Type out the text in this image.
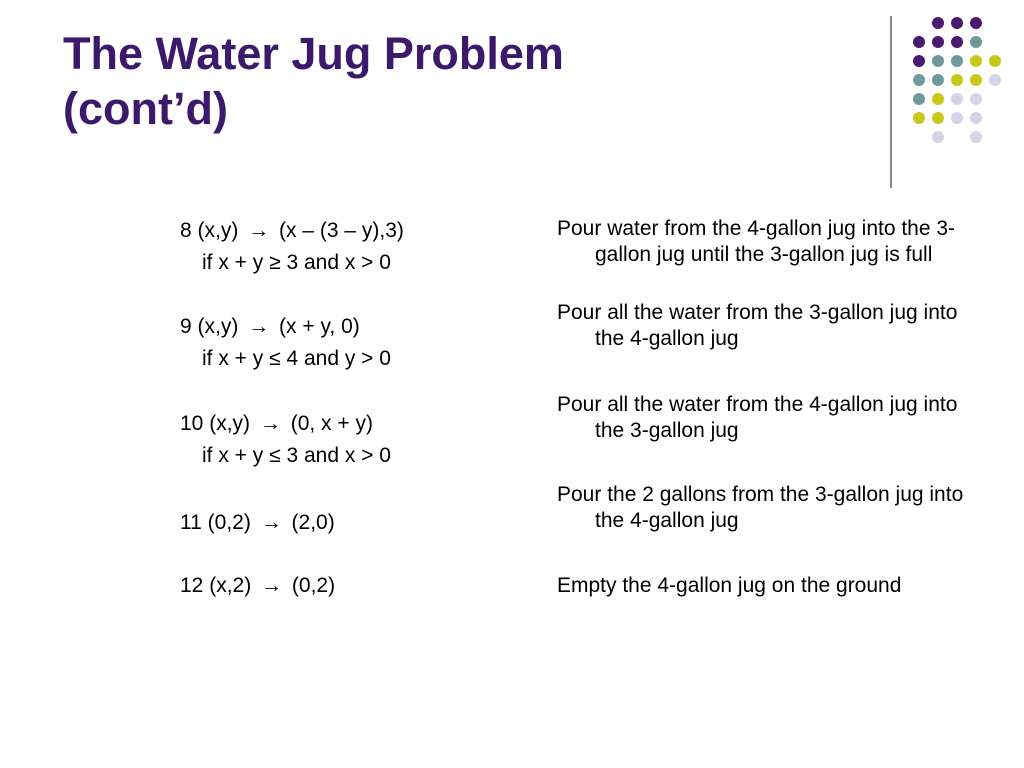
The Water Jug Problem
(cont’d)
8 (x,y) → (x – (3 – y),3)
if x + y ≥ 3 and x > 0
9 (x,y) → (x + y, 0)
if x + y ≤ 4 and y > 0
10 (x,y) → (0, x + y)
if x + y ≤ 3 and x > 0
11 (0,2) → (2,0)
12 (x,2) → (0,2)
Pour water from the 4-gallon jug into the 3-gallon jug until the 3-gallon jug is full
Pour all the water from the 3-gallon jug into the 4-gallon jug
Pour all the water from the 4-gallon jug into the 3-gallon jug
Pour the 2 gallons from the 3-gallon jug into the 4-gallon jug
Empty the 4-gallon jug on the ground
